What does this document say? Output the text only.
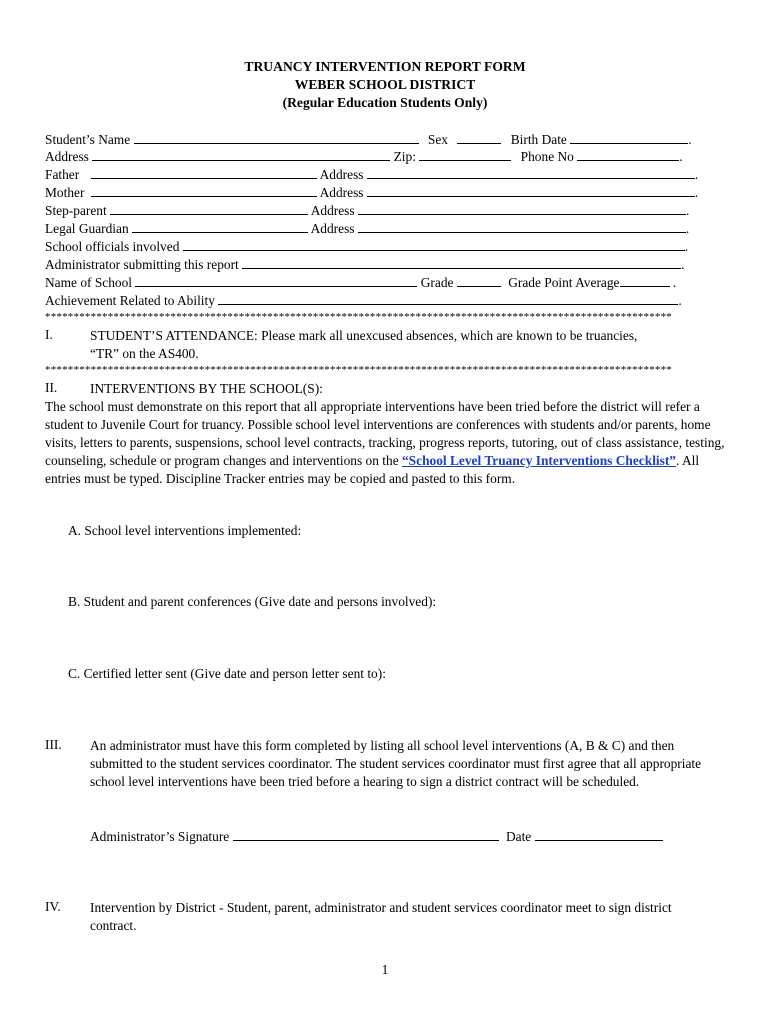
TRUANCY INTERVENTION REPORT FORM
WEBER SCHOOL DISTRICT
(Regular Education Students Only)
Student’s Name	Sex	Birth Date	.
Address	Zip:	Phone No	.
Father	Address	.
Mother	Address	.
Step-parent	Address	.
Legal Guardian	Address	.
School officials involved	.
Administrator submitting this report	.
Name of School	Grade	Grade Point Average	.
Achievement Related to Ability	.
**************************************************************************************************************
I.	STUDENT’S ATTENDANCE: Please mark all unexcused absences, which are known to be truancies,
“TR” on the AS400.
**************************************************************************************************************
II. INTERVENTIONS BY THE SCHOOL(S):
The school must demonstrate on this report that all appropriate interventions have been tried before the district will refer a student to Juvenile Court for truancy. Possible school level interventions are conferences with students and/or parents, home visits, letters to parents, suspensions, school level contracts, tracking, progress reports, tutoring, out of class assistance, testing, counseling, schedule or program changes and interventions on the “School Level Truancy Interventions Checklist”. All entries must be typed. Discipline Tracker entries may be copied and pasted to this form.
A. School level interventions implemented:
B. Student and parent conferences (Give date and persons involved):
C. Certified letter sent (Give date and person letter sent to):
III. An administrator must have this form completed by listing all school level interventions (A, B & C) and then submitted to the student services coordinator. The student services coordinator must first agree that all appropriate school level interventions have been tried before a hearing to sign a district contract will be scheduled.
Administrator’s Signature	Date
IV. Intervention by District - Student, parent, administrator and student services coordinator meet to sign district contract.
1
